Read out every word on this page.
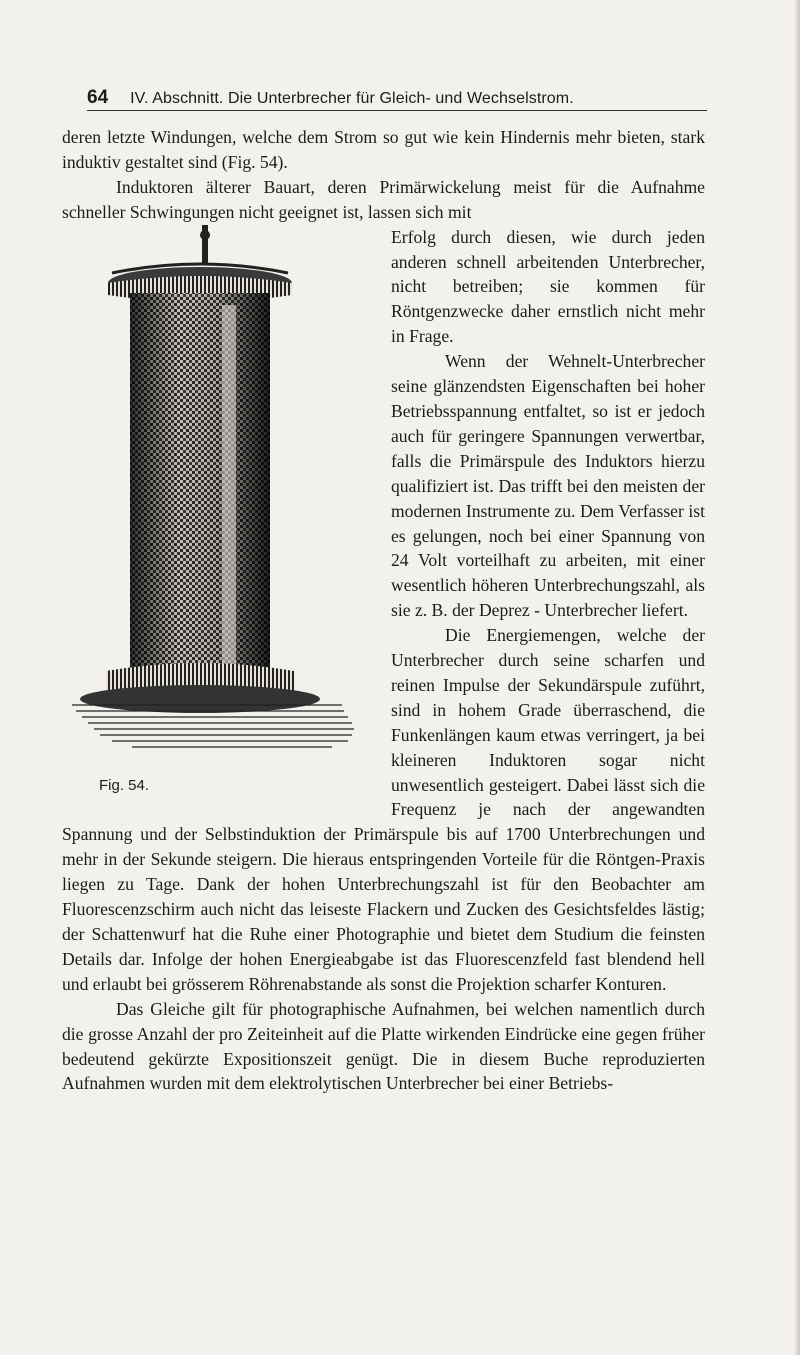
64 IV. Abschnitt. Die Unterbrecher für Gleich- und Wechselstrom.

deren letzte Windungen, welche dem Strom so gut wie kein Hindernis mehr bieten, stark induktiv gestaltet sind (Fig. 54).

Induktoren älterer Bauart, deren Primärwickelung meist für die Aufnahme schneller Schwingungen nicht geeignet ist, lassen sich mit

Fig. 54.

Erfolg durch diesen, wie durch jeden anderen schnell arbeitenden Unterbrecher, nicht betreiben; sie kommen für Röntgenzwecke daher ernstlich nicht mehr in Frage.

Wenn der Wehnelt-Unterbrecher seine glänzendsten Eigenschaften bei hoher Betriebsspannung entfaltet, so ist er jedoch auch für geringere Spannungen verwertbar, falls die Primärspule des Induktors hierzu qualifiziert ist. Das trifft bei den meisten der modernen Instrumente zu. Dem Verfasser ist es gelungen, noch bei einer Spannung von 24 Volt vorteilhaft zu arbeiten, mit einer wesentlich höheren Unterbrechungszahl, als sie z. B. der Deprez - Unterbrecher liefert.

Die Energiemengen, welche der Unterbrecher durch seine scharfen und reinen Impulse der Sekundärspule zuführt, sind in hohem Grade überraschend, die Funkenlängen kaum etwas verringert, ja bei kleineren Induktoren sogar nicht unwesentlich gesteigert. Dabei lässt sich die Frequenz je nach der angewandten Spannung und der Selbstinduktion der Primärspule bis auf 1700 Unterbrechungen und mehr in der Sekunde steigern. Die hieraus entspringenden Vorteile für die Röntgen-Praxis liegen zu Tage. Dank der hohen Unterbrechungszahl ist für den Beobachter am Fluorescenzschirm auch nicht das leiseste Flackern und Zucken des Gesichtsfeldes lästig; der Schattenwurf hat die Ruhe einer Photographie und bietet dem Studium die feinsten Details dar. Infolge der hohen Energieabgabe ist das Fluorescenzfeld fast blendend hell und erlaubt bei grösserem Röhrenabstande als sonst die Projektion scharfer Konturen.

Das Gleiche gilt für photographische Aufnahmen, bei welchen namentlich durch die grosse Anzahl der pro Zeiteinheit auf die Platte wirkenden Eindrücke eine gegen früher bedeutend gekürzte Expositionszeit genügt. Die in diesem Buche reproduzierten Aufnahmen wurden mit dem elektrolytischen Unterbrecher bei einer Betriebs-
